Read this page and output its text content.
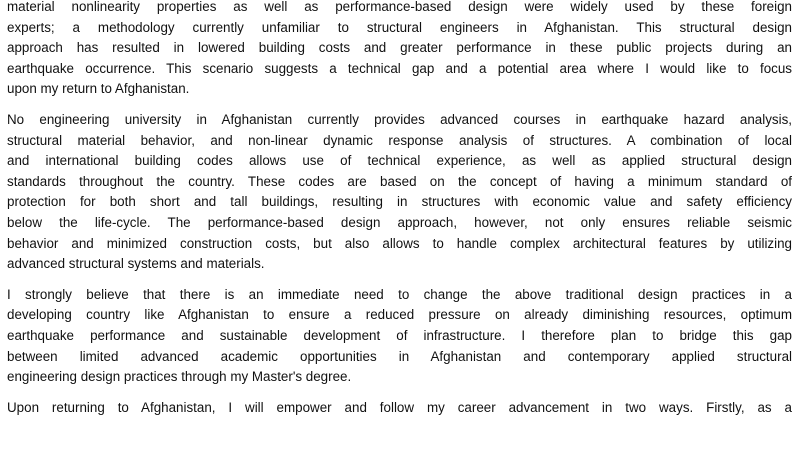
material nonlinearity properties as well as performance-based design were widely used by these foreign
experts; a methodology currently unfamiliar to structural engineers in Afghanistan. This structural design
approach has resulted in lowered building costs and greater performance in these public projects during an
earthquake occurrence. This scenario suggests a technical gap and a potential area where I would like to focus
upon my return to Afghanistan.
No engineering university in Afghanistan currently provides advanced courses in earthquake hazard analysis,
structural material behavior, and non-linear dynamic response analysis of structures. A combination of local
and international building codes allows use of technical experience, as well as applied structural design
standards throughout the country. These codes are based on the concept of having a minimum standard of
protection for both short and tall buildings, resulting in structures with economic value and safety efficiency
below the life-cycle. The performance-based design approach, however, not only ensures reliable seismic
behavior and minimized construction costs, but also allows to handle complex architectural features by utilizing
advanced structural systems and materials.
I strongly believe that there is an immediate need to change the above traditional design practices in a
developing country like Afghanistan to ensure a reduced pressure on already diminishing resources, optimum
earthquake performance and sustainable development of infrastructure. I therefore plan to bridge this gap
between limited advanced academic opportunities in Afghanistan and contemporary applied structural
engineering design practices through my Master's degree.
Upon returning to Afghanistan, I will empower and follow my career advancement in two ways. Firstly, as a
